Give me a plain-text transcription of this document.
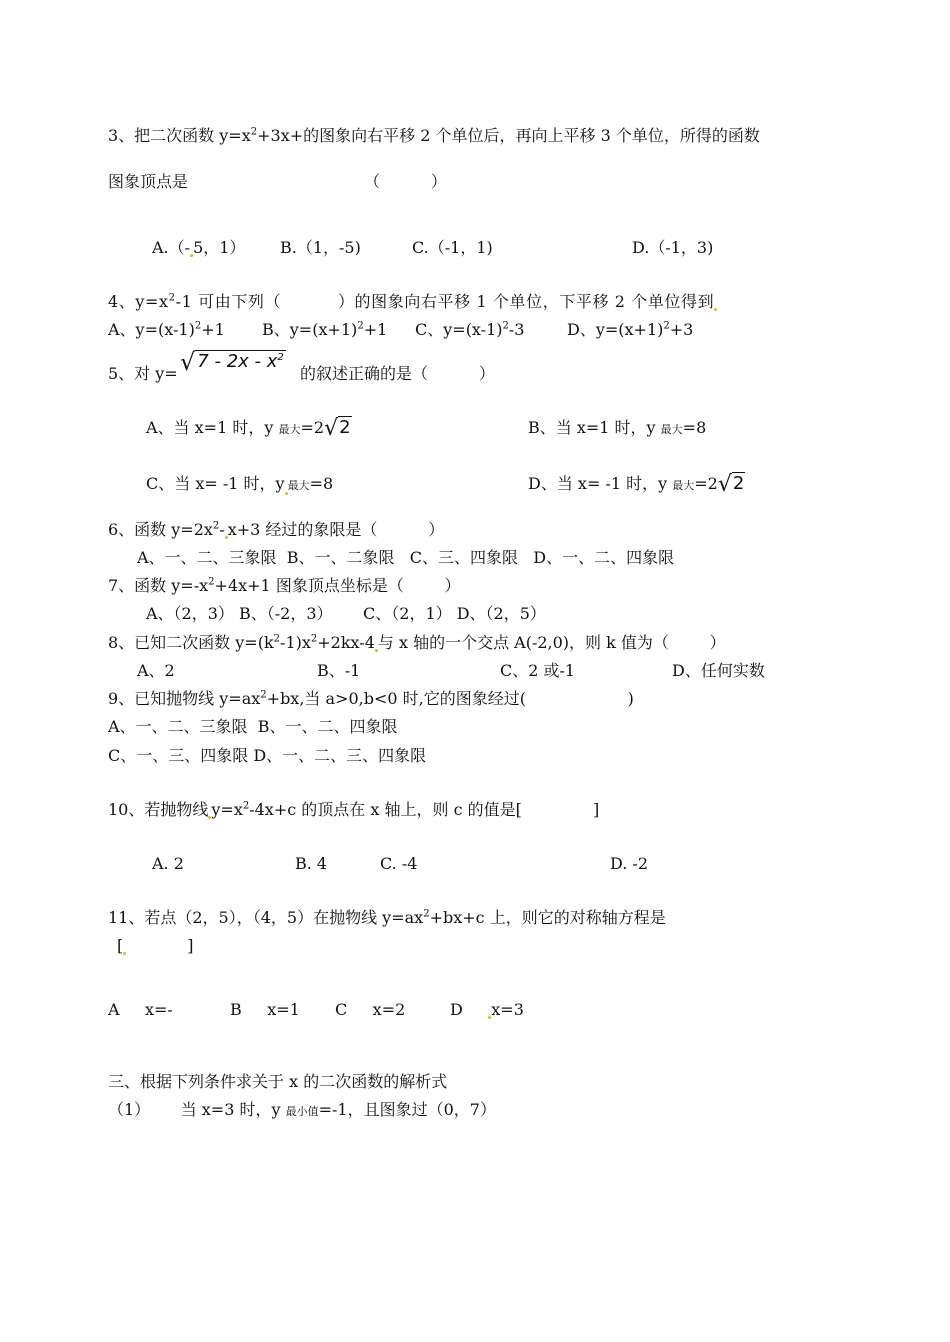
3、把二次函数 $y=x^2+3x+$的图象向右平移 2 个单位后，再向上平移 3 个单位，所得的函数
图象顶点是	（          ）
A.（- 5，1） B.（1，-5)	C.（-1，1)	D.（-1，3)
4、$y=x^2-1$ 可由下列（          ）的图象向右平移 1 个单位，下平移 2 个单位得到
A、$y=(x-1)^2+1$ B、$y=(x+1)^2+1$ C、$y=(x-1)^2-3$	D、$y=(x+1)^2+3$
5、对 y= √ $7 - 2x - x^2$
的叙述正确的是（          ）
A、当 x=1 时，y 最大=2√2	B、当 x=1 时，y 最大=8
C、当 x= -1 时，y 最大=8	D、当 x= -1 时，y 最大=2√2
6、函数 $y=2x^2-$ x+3 经过的象限是（          ）
A、一、二、三象限  B、一、二象限   C、三、四象限   D、一、二、四象限
7、函数 $y=-x^2+4x+1$ 图象顶点坐标是（        ）
A、（2，3） B、（-2，3）      C、（2，1） D、（2，5）
8、已知二次函数 $y=(k^2-1)x^2+2kx-4$ 与 x 轴的一个交点 A(-2,0)，则 k 值为（        ）
A、2	B、-1	C、2 或-1	D、任何实数
9、已知抛物线 $y=ax^2+bx$,当 a>0,b<0 时,它的图象经过(                    )
A、一、二、三象限  B、一、二、四象限
C、一、三、四象限 D、一、二、三、四象限
10、若抛物线 $y=x^2-4x+c$ 的顶点在 x 轴上，则 c 的值是[              ]
A. 2	B. 4	C. -4	D. -2
11、若点（2，5），（4，5）在抛物线 $y=ax^2+bx+c$ 上，则它的对称轴方程是
[            ]
A     x=-	B     x=1 C     x=2	D     x=3
三、根据下列条件求关于 x 的二次函数的解析式
（1）      当 x=3 时，y 最小值=-1，且图象过（0，7）
